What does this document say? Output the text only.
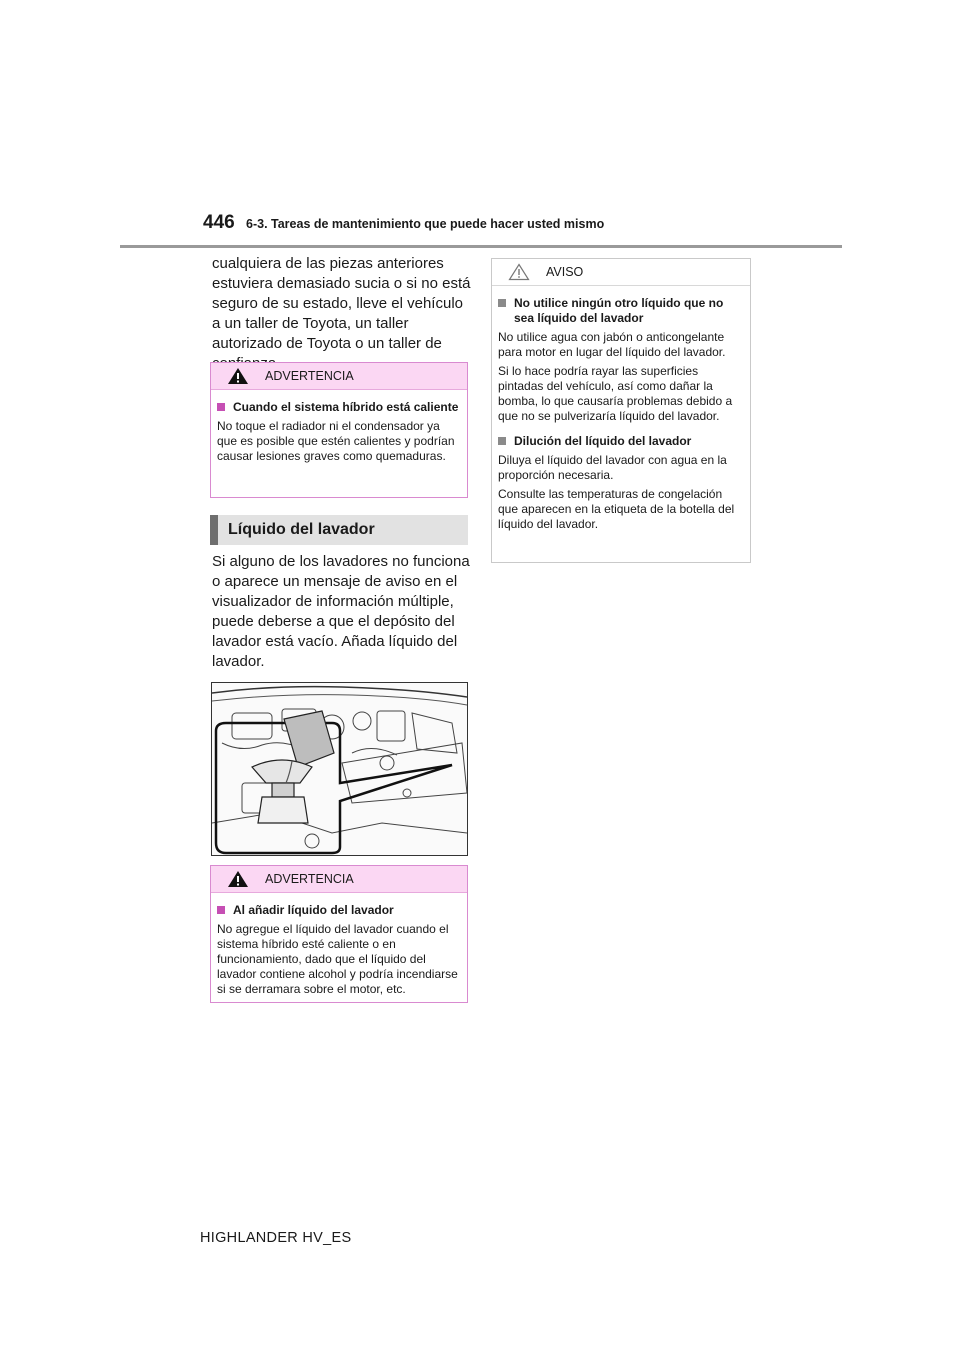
446 6-3. Tareas de mantenimiento que puede hacer usted mismo
cualquiera de las piezas anteriores estuviera demasiado sucia o si no está seguro de su estado, lleve el vehículo a un taller de Toyota, un taller autorizado de Toyota o un taller de
ADVERTENCIA
Cuando el sistema híbrido está caliente
No toque el radiador ni el condensador ya que es posible que estén calientes y podrían causar lesiones graves como quemaduras.
Líquido del lavador
Si alguno de los lavadores no funciona o aparece un mensaje de aviso en el visualizador de información múltiple, puede deberse a que el depósito del lavador está vacío. Añada líquido del lavador.
ADVERTENCIA
Al añadir líquido del lavador
No agregue el líquido del lavador cuando el sistema híbrido esté caliente o en funcionamiento, dado que el líquido del lavador contiene alcohol y podría incendiarse si se derramara sobre el motor, etc.
AVISO
No utilice ningún otro líquido que no sea líquido del lavador
No utilice agua con jabón o anticongelante para motor en lugar del líquido del lavador.
Si lo hace podría rayar las superficies pintadas del vehículo, así como dañar la bomba, lo que causaría problemas debido a que no se pulverizaría líquido del lavador.
Dilución del líquido del lavador
Diluya el líquido del lavador con agua en la proporción necesaria.
Consulte las temperaturas de congelación que aparecen en la etiqueta de la botella del líquido del lavador.
HIGHLANDER HV_ES
